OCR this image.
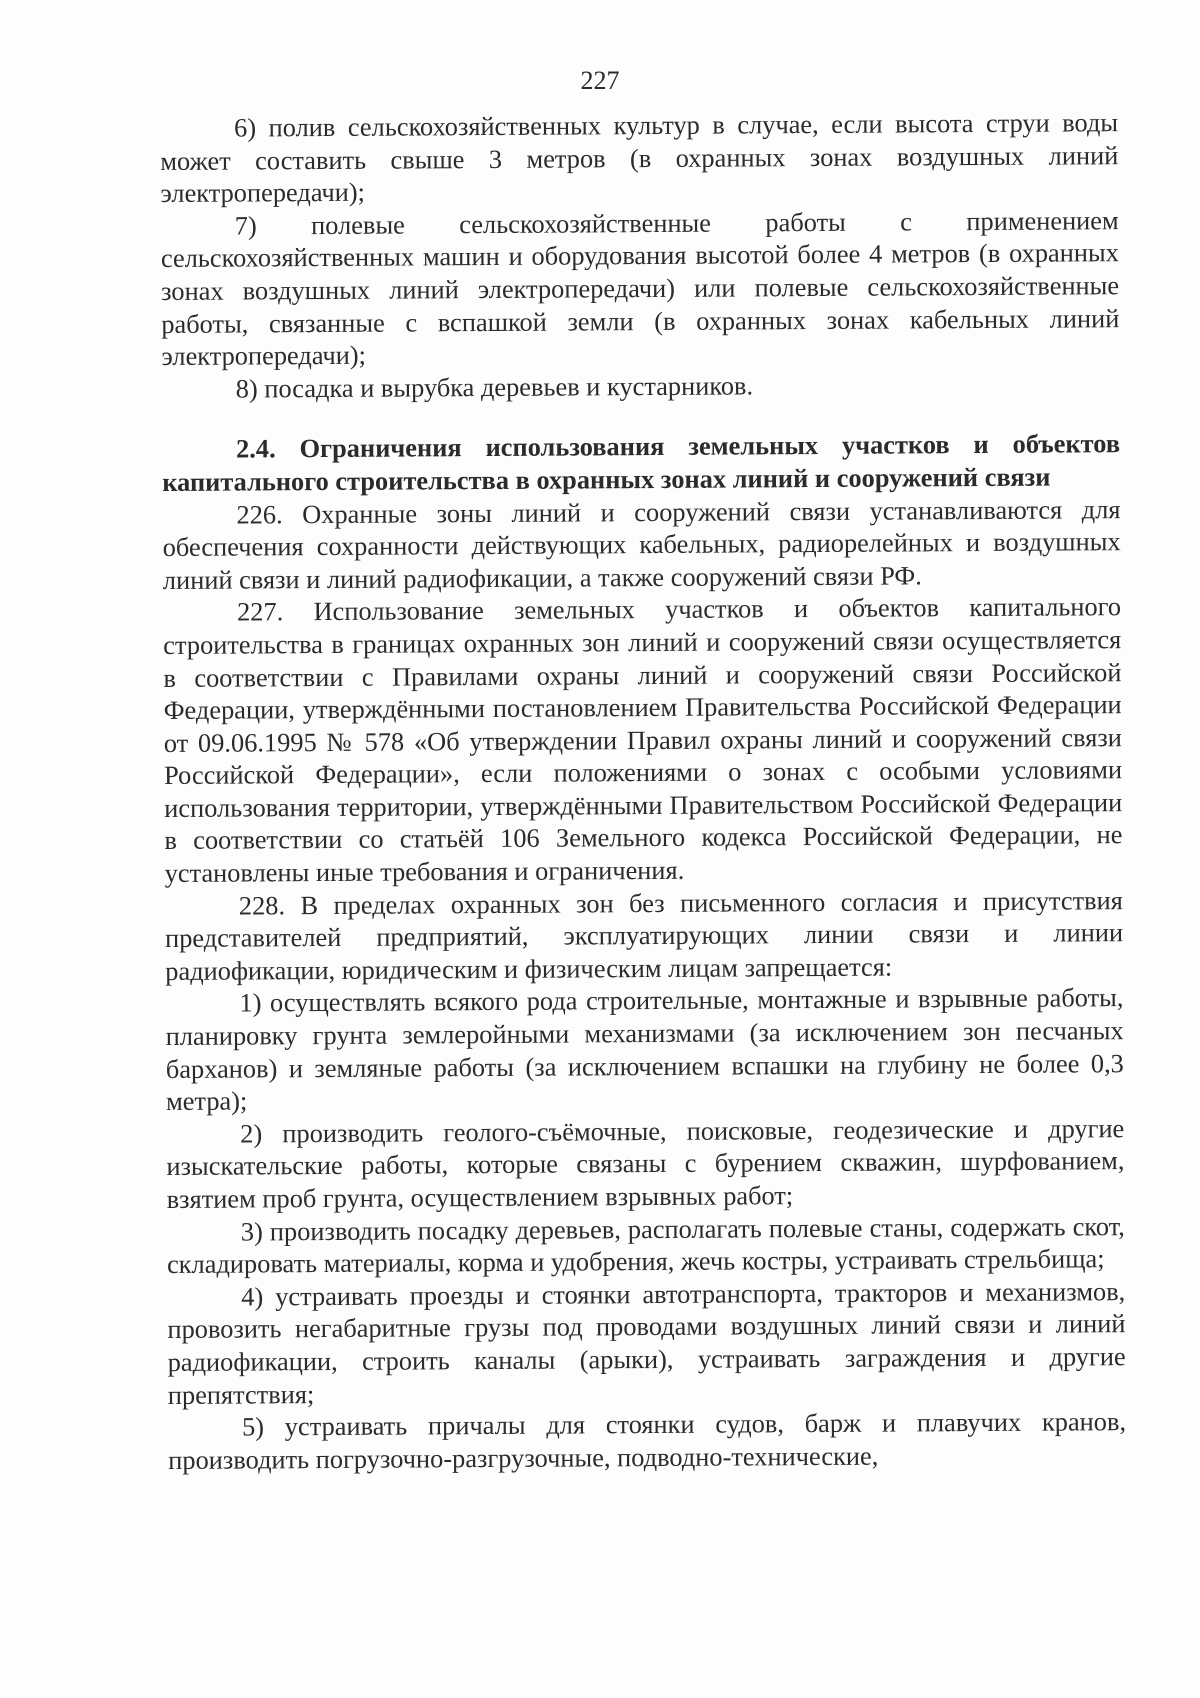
227

6) полив сельскохозяйственных культур в случае, если высота струи воды может составить свыше 3 метров (в охранных зонах воздушных линий электропередачи);

7) полевые сельскохозяйственные работы с применением сельскохозяйственных машин и оборудования высотой более 4 метров (в охранных зонах воздушных линий электропередачи) или полевые сельскохозяйственные работы, связанные с вспашкой земли (в охранных зонах кабельных линий электропередачи);

8) посадка и вырубка деревьев и кустарников.

2.4. Ограничения использования земельных участков и объектов
капитального строительства в охранных зонах линий и сооружений связи

226. Охранные зоны линий и сооружений связи устанавливаются для обеспечения сохранности действующих кабельных, радиорелейных и воздушных линий связи и линий радиофикации, а также сооружений связи РФ.

227. Использование земельных участков и объектов капитального строительства в границах охранных зон линий и сооружений связи осуществляется в соответствии с Правилами охраны линий и сооружений связи Российской Федерации, утверждёнными постановлением Правительства Российской Федерации от 09.06.1995 № 578 «Об утверждении Правил охраны линий и сооружений связи Российской Федерации», если положениями о зонах с особыми условиями использования территории, утверждёнными Правительством Российской Федерации в соответствии со статьёй 106 Земельного кодекса Российской Федерации, не установлены иные требования и ограничения.

228. В пределах охранных зон без письменного согласия и присутствия представителей предприятий, эксплуатирующих линии связи и линии радиофикации, юридическим и физическим лицам запрещается:

1) осуществлять всякого рода строительные, монтажные и взрывные работы, планировку грунта землеройными механизмами (за исключением зон песчаных барханов) и земляные работы (за исключением вспашки на глубину не более 0,3 метра);

2) производить геолого-съёмочные, поисковые, геодезические и другие изыскательские работы, которые связаны с бурением скважин, шурфованием, взятием проб грунта, осуществлением взрывных работ;

3) производить посадку деревьев, располагать полевые станы, содержать скот, складировать материалы, корма и удобрения, жечь костры, устраивать стрельбища;

4) устраивать проезды и стоянки автотранспорта, тракторов и механизмов, провозить негабаритные грузы под проводами воздушных линий связи и линий радиофикации, строить каналы (арыки), устраивать заграждения и другие препятствия;

5) устраивать причалы для стоянки судов, барж и плавучих кранов, производить погрузочно-разгрузочные, подводно-технические,
